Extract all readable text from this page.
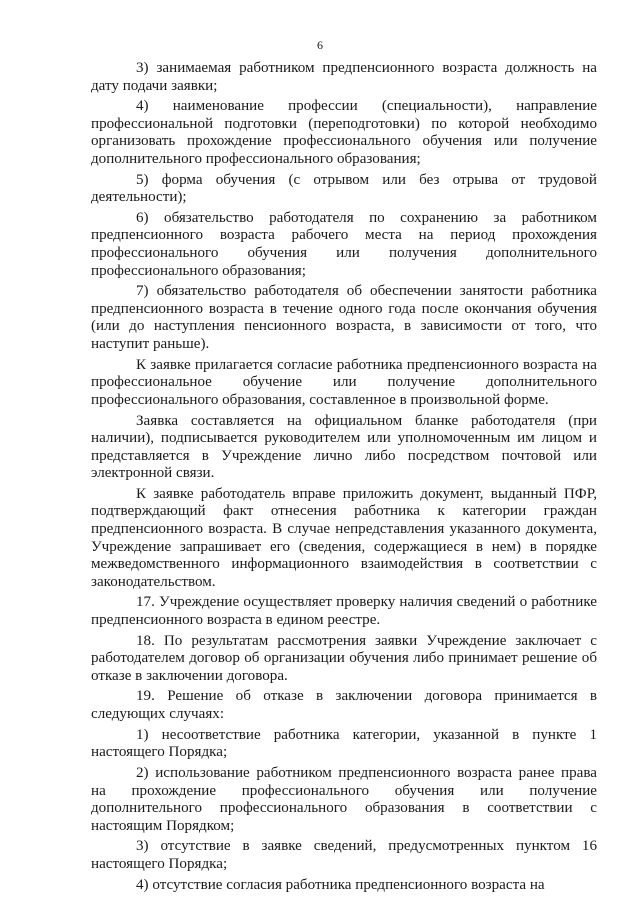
6

3) занимаемая работником предпенсионного возраста должность на дату подачи заявки;

4) наименование профессии (специальности), направление профессиональной подготовки (переподготовки) по которой необходимо организовать прохождение профессионального обучения или получение дополнительного профессионального образования;

5) форма обучения (с отрывом или без отрыва от трудовой деятельности);

6) обязательство работодателя по сохранению за работником предпенсионного возраста рабочего места на период прохождения профессионального обучения или получения дополнительного профессионального образования;

7) обязательство работодателя об обеспечении занятости работника предпенсионного возраста в течение одного года после окончания обучения (или до наступления пенсионного возраста, в зависимости от того, что наступит раньше).

К заявке прилагается согласие работника предпенсионного возраста на профессиональное обучение или получение дополнительного профессионального образования, составленное в произвольной форме.

Заявка составляется на официальном бланке работодателя (при наличии), подписывается руководителем или уполномоченным им лицом и представляется в Учреждение лично либо посредством почтовой или электронной связи.

К заявке работодатель вправе приложить документ, выданный ПФР, подтверждающий факт отнесения работника к категории граждан предпенсионного возраста. В случае непредставления указанного документа, Учреждение запрашивает его (сведения, содержащиеся в нем) в порядке межведомственного информационного взаимодействия в соответствии с законодательством.

17. Учреждение осуществляет проверку наличия сведений о работнике предпенсионного возраста в едином реестре.

18. По результатам рассмотрения заявки Учреждение заключает с работодателем договор об организации обучения либо принимает решение об отказе в заключении договора.

19. Решение об отказе в заключении договора принимается в следующих случаях:

1) несоответствие работника категории, указанной в пункте 1 настоящего Порядка;

2) использование работником предпенсионного возраста ранее права на прохождение профессионального обучения или получение дополнительного профессионального образования в соответствии с настоящим Порядком;

3) отсутствие в заявке сведений, предусмотренных пунктом 16 настоящего Порядка;

4) отсутствие согласия работника предпенсионного возраста на
